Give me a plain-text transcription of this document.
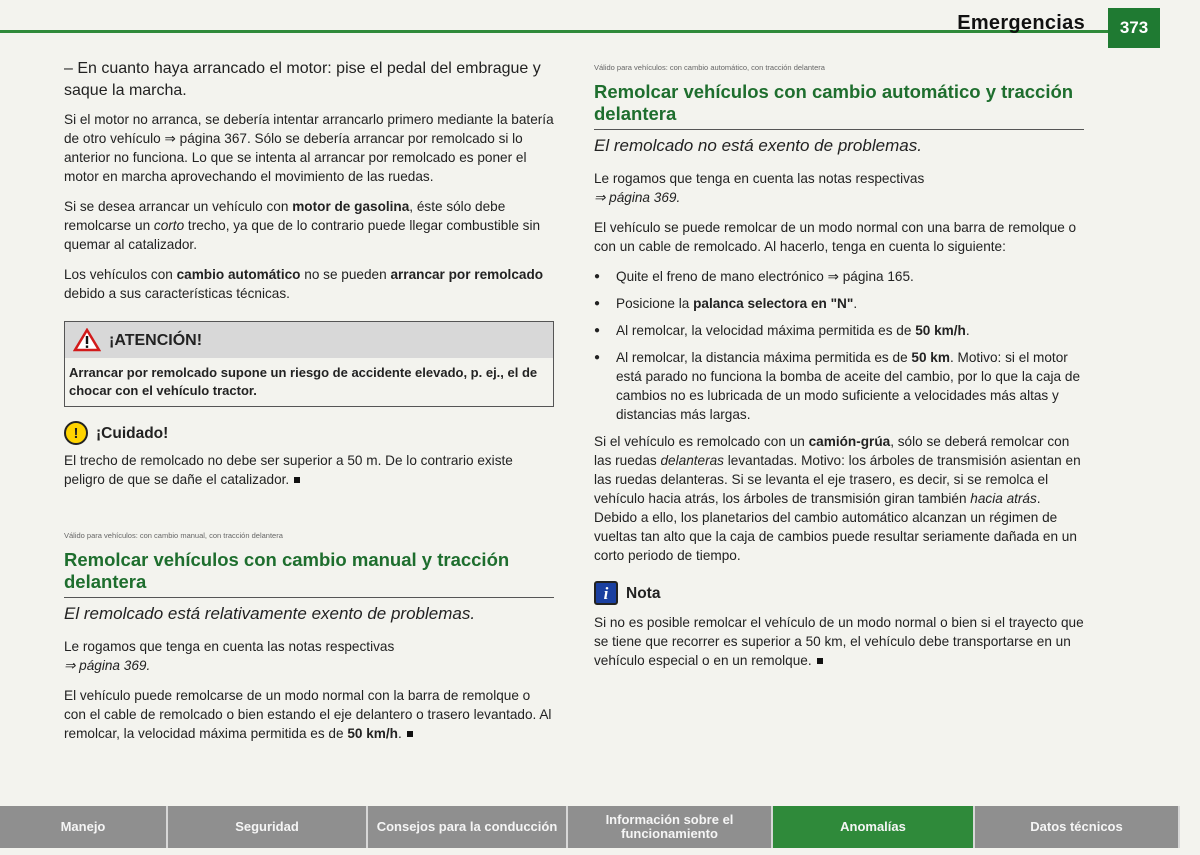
Emergencias	373

– En cuanto haya arrancado el motor: pise el pedal del embrague y saque la marcha.

Si el motor no arranca, se debería intentar arrancarlo primero mediante la batería de otro vehículo ⇒ página 367. Sólo se debería arrancar por remolcado si lo anterior no funciona. Lo que se intenta al arrancar por remolcado es poner el motor en marcha aprovechando el movimiento de las ruedas.

Si se desea arrancar un vehículo con motor de gasolina, éste sólo debe remolcarse un corto trecho, ya que de lo contrario puede llegar combustible sin quemar al catalizador.

Los vehículos con cambio automático no se pueden arrancar por remolcado debido a sus características técnicas.

¡ATENCIÓN!
Arrancar por remolcado supone un riesgo de accidente elevado, p. ej., el de chocar con el vehículo tractor.
!	¡Cuidado!

El trecho de remolcado no debe ser superior a 50 m. De lo contrario existe peligro de que se dañe el catalizador.

Válido para vehículos: con cambio manual, con tracción delantera

Remolcar vehículos con cambio manual y tracción delantera
El remolcado está relativamente exento de problemas.

Le rogamos que tenga en cuenta las notas respectivas
⇒ página 369.

El vehículo puede remolcarse de un modo normal con la barra de remolque o con el cable de remolcado o bien estando el eje delantero o trasero levantado. Al remolcar, la velocidad máxima permitida es de 50 km/h.

Válido para vehículos: con cambio automático, con tracción delantera

Remolcar vehículos con cambio automático y tracción delantera
El remolcado no está exento de problemas.

Le rogamos que tenga en cuenta las notas respectivas
⇒ página 369.

El vehículo se puede remolcar de un modo normal con una barra de remolque o con un cable de remolcado. Al hacerlo, tenga en cuenta lo siguiente:

● Quite el freno de mano electrónico ⇒ página 165.
● Posicione la palanca selectora en "N".
● Al remolcar, la velocidad máxima permitida es de 50 km/h.
● Al remolcar, la distancia máxima permitida es de 50 km. Motivo: si el motor está parado no funciona la bomba de aceite del cambio, por lo que la caja de cambios no es lubricada de un modo suficiente a velocidades más altas y distancias más largas.

Si el vehículo es remolcado con un camión-grúa, sólo se deberá remolcar con las ruedas delanteras levantadas. Motivo: los árboles de transmisión asientan en las ruedas delanteras. Si se levanta el eje trasero, es decir, si se remolca el vehículo hacia atrás, los árboles de transmisión giran también hacia atrás. Debido a ello, los planetarios del cambio automático alcanzan un régimen de vueltas tan alto que la caja de cambios puede resultar seriamente dañada en un corto periodo de tiempo.

i	Nota

Si no es posible remolcar el vehículo de un modo normal o bien si el trayecto que se tiene que recorrer es superior a 50 km, el vehículo debe transportarse en un vehículo especial o en un remolque.

Manejo	Seguridad	Consejos para la conducción	Información sobre el funcionamiento	Anomalías	Datos técnicos
